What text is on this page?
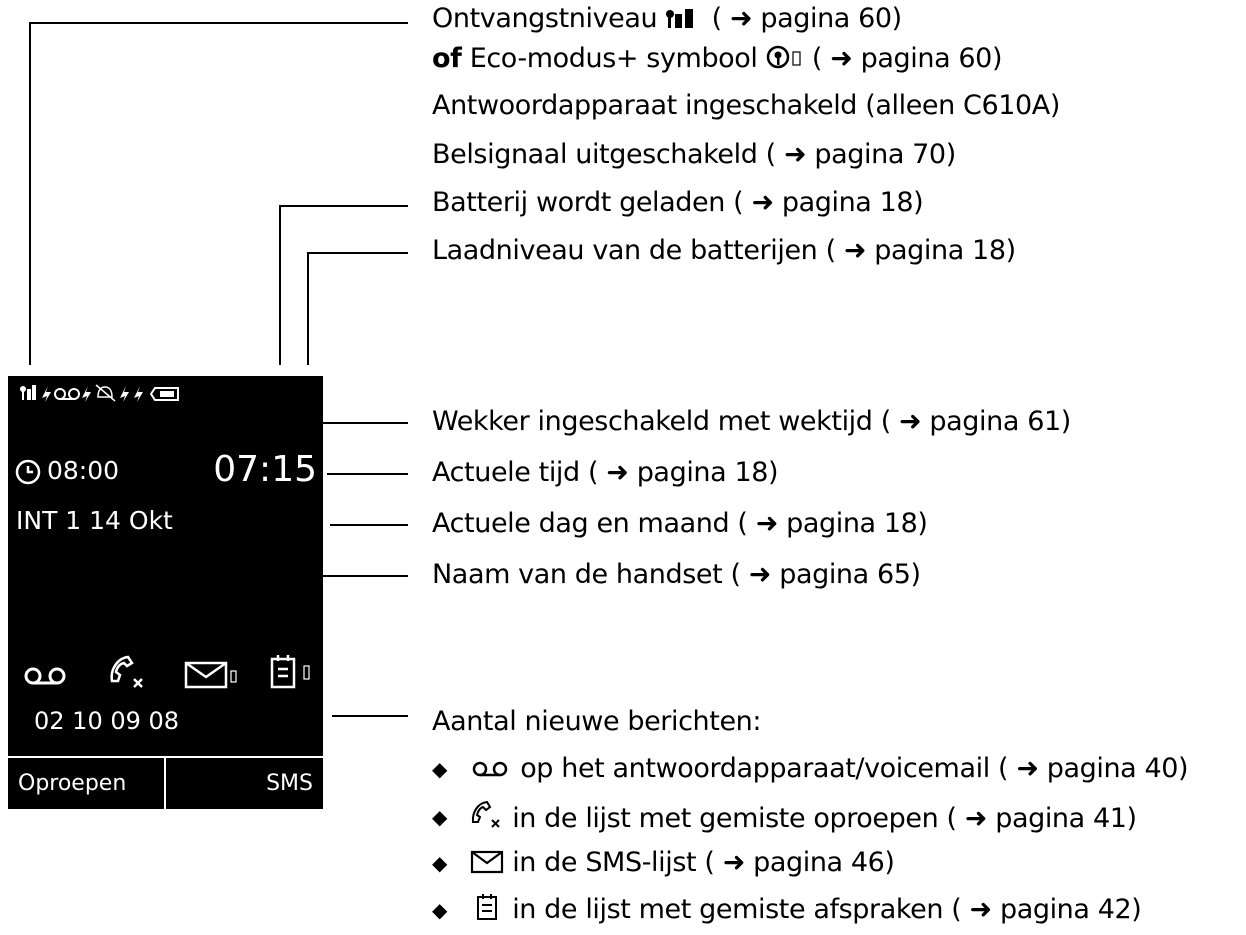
Ontvangstniveau ( ➜ pagina 60)
of Eco-modus+ symbool ( ➜ pagina 60)
Antwoordapparaat ingeschakeld (alleen C610A)
Belsignaal uitgeschakeld ( ➜ pagina 70)
Batterij wordt geladen ( ➜ pagina 18)
Laadniveau van de batterijen ( ➜ pagina 18)
08:00	07:15
INT 1 14 Okt
02 10 09 08
Oproepen	SMS
Wekker ingeschakeld met wektijd ( ➜ pagina 61)
Actuele tijd ( ➜ pagina 18)
Actuele dag en maand ( ➜ pagina 18)
Naam van de handset ( ➜ pagina 65)
Aantal nieuwe berichten:
◆	op het antwoordapparaat/voicemail ( ➜ pagina 40)
◆	in de lijst met gemiste oproepen ( ➜ pagina 41)
◆	in de SMS-lijst ( ➜ pagina 46)
◆	in de lijst met gemiste afspraken ( ➜ pagina 42)
